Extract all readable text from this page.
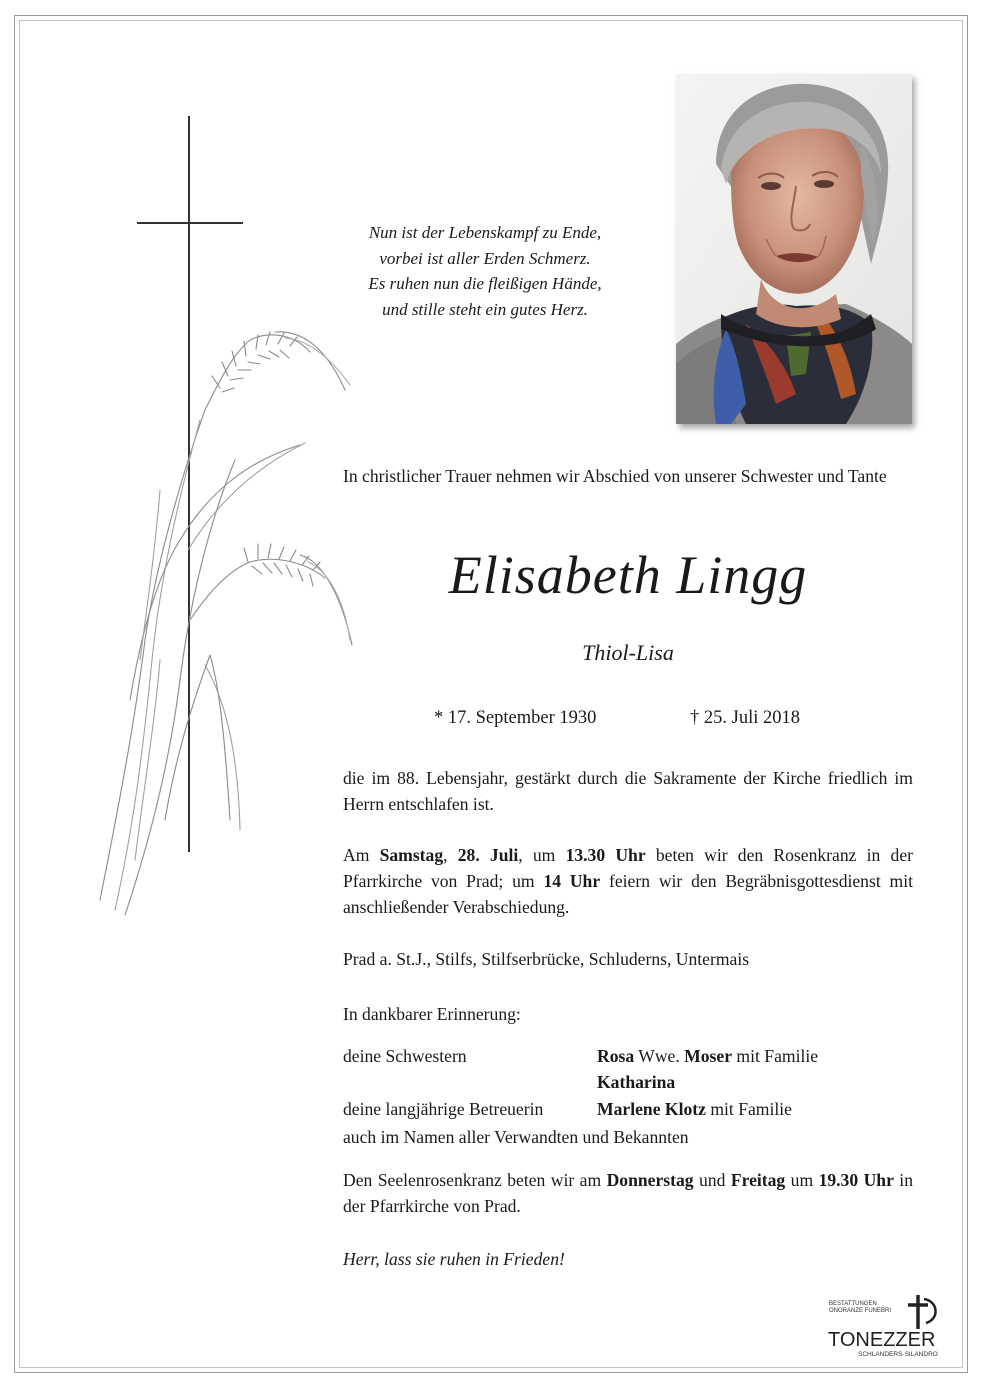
Nun ist der Lebenskampf zu Ende,
vorbei ist aller Erden Schmerz.
Es ruhen nun die fleißigen Hände,
und stille steht ein gutes Herz.
In christlicher Trauer nehmen wir Abschied von unserer Schwester und Tante
Elisabeth Lingg
Thiol-Lisa
* 17. September 1930	† 25. Juli 2018
die im 88. Lebensjahr, gestärkt durch die Sakramente der Kirche friedlich im Herrn entschlafen ist.
Am Samstag, 28. Juli, um 13.30 Uhr beten wir den Rosenkranz in der Pfarrkirche von Prad; um 14 Uhr feiern wir den Begräbnisgottesdienst mit anschließender Verabschiedung.
Prad a. St.J., Stilfs, Stilfserbrücke, Schluderns, Untermais
In dankbarer Erinnerung:
deine Schwestern	Rosa Wwe. Moser mit Familie
Katharina
deine langjährige Betreuerin	Marlene Klotz mit Familie
auch im Namen aller Verwandten und Bekannten
Den Seelenrosenkranz beten wir am Donnerstag und Freitag um 19.30 Uhr in der Pfarrkirche von Prad.
Herr, lass sie ruhen in Frieden!
BESTATTUNGEN
ONORANZE FUNEBRI
TONEZZER
SCHLANDERS·SILANDRO
